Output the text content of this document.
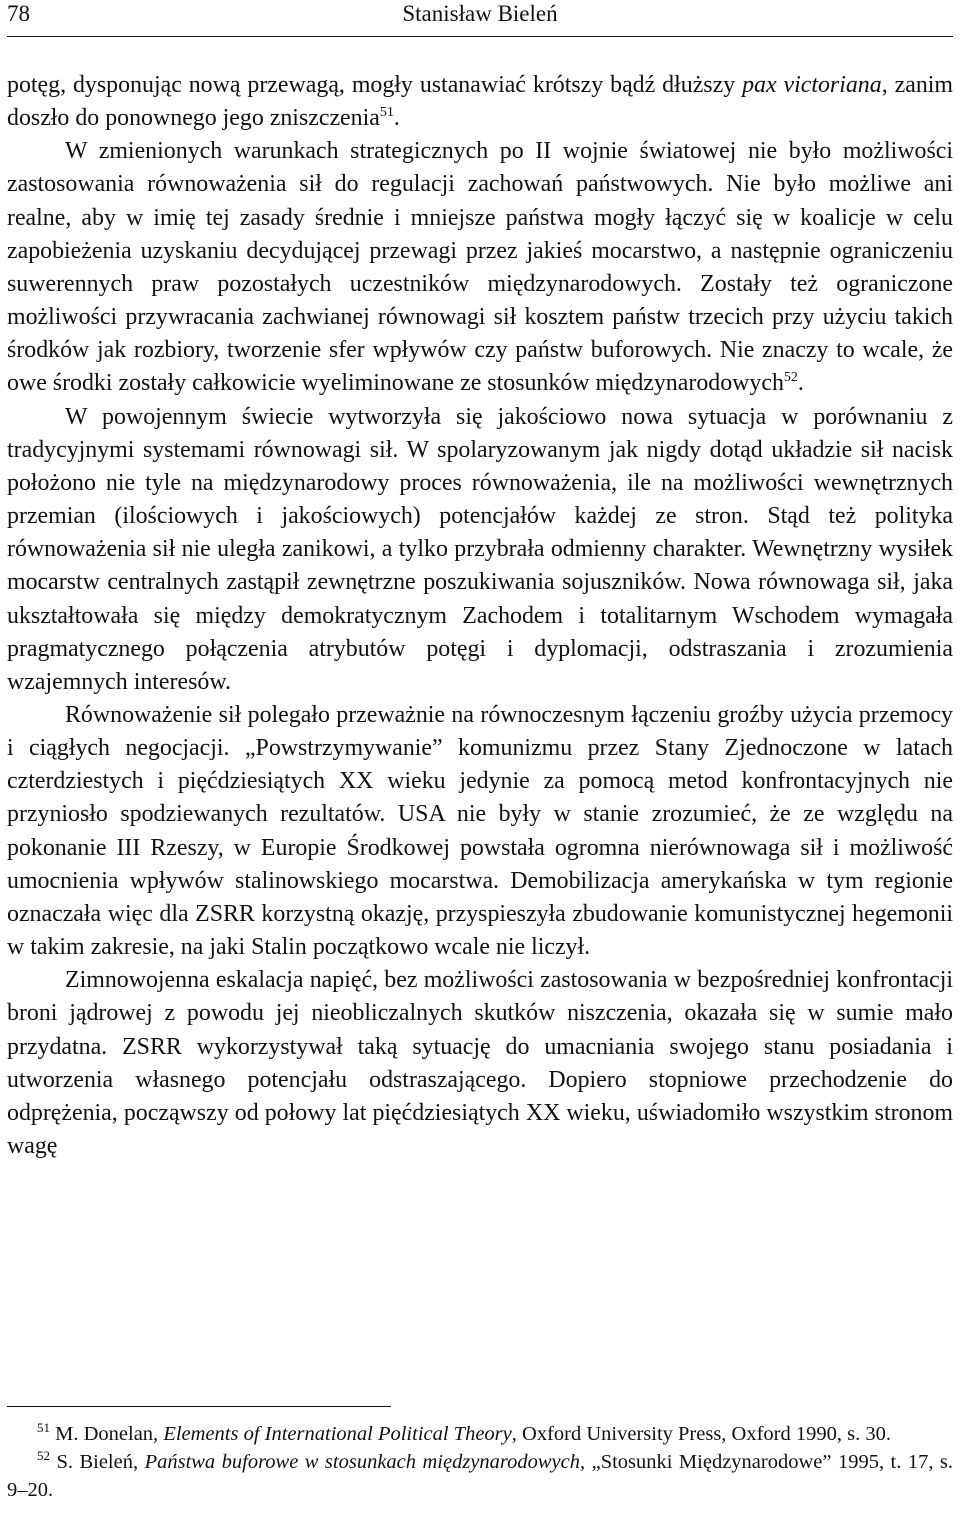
78	Stanisław Bieleń

potęg, dysponując nową przewagą, mogły ustanawiać krótszy bądź dłuższy pax victoriana, zanim doszło do ponownego jego zniszczenia$^{51}$.

W zmienionych warunkach strategicznych po II wojnie światowej nie było możliwości zastosowania równoważenia sił do regulacji zachowań państwowych. Nie było możliwe ani realne, aby w imię tej zasady średnie i mniejsze państwa mogły łączyć się w koalicje w celu zapobieżenia uzyskaniu decydującej przewagi przez jakieś mocarstwo, a następnie ograniczeniu suwerennych praw pozostałych uczestników międzynarodowych. Zostały też ograniczone możliwości przywracania zachwianej równowagi sił kosztem państw trzecich przy użyciu takich środków jak rozbiory, tworzenie sfer wpływów czy państw buforowych. Nie znaczy to wcale, że owe środki zostały całkowicie wyeliminowane ze stosunków międzynarodowych$^{52}$.

W powojennym świecie wytworzyła się jakościowo nowa sytuacja w porównaniu z tradycyjnymi systemami równowagi sił. W spolaryzowanym jak nigdy dotąd układzie sił nacisk położono nie tyle na międzynarodowy proces równoważenia, ile na możliwości wewnętrznych przemian (ilościowych i jakościowych) potencjałów każdej ze stron. Stąd też polityka równoważenia sił nie uległa zanikowi, a tylko przybrała odmienny charakter. Wewnętrzny wysiłek mocarstw centralnych zastąpił zewnętrzne poszukiwania sojuszników. Nowa równowaga sił, jaka ukształtowała się między demokratycznym Zachodem i totalitarnym Wschodem wymagała pragmatycznego połączenia atrybutów potęgi i dyplomacji, odstraszania i zrozumienia wzajemnych interesów.

Równoważenie sił polegało przeważnie na równoczesnym łączeniu groźby użycia przemocy i ciągłych negocjacji. „Powstrzymywanie” komunizmu przez Stany Zjednoczone w latach czterdziestych i pięćdziesiątych XX wieku jedynie za pomocą metod konfrontacyjnych nie przyniosło spodziewanych rezultatów. USA nie były w stanie zrozumieć, że ze względu na pokonanie III Rzeszy, w Europie Środkowej powstała ogromna nierównowaga sił i możliwość umocnienia wpływów stalinowskiego mocarstwa. Demobilizacja amerykańska w tym regionie oznaczała więc dla ZSRR korzystną okazję, przyspieszyła zbudowanie komunistycznej hegemonii w takim zakresie, na jaki Stalin początkowo wcale nie liczył.

Zimnowojenna eskalacja napięć, bez możliwości zastosowania w bezpośredniej konfrontacji broni jądrowej z powodu jej nieobliczalnych skutków niszczenia, okazała się w sumie mało przydatna. ZSRR wykorzystywał taką sytuację do umacniania swojego stanu posiadania i utworzenia własnego potencjału odstraszającego. Dopiero stopniowe przechodzenie do odprężenia, począwszy od połowy lat pięćdziesiątych XX wieku, uświadomiło wszystkim stronom wagę

$^{51}$ M. Donelan, Elements of International Political Theory, Oxford University Press, Oxford 1990, s. 30.

$^{52}$ S. Bieleń, Państwa buforowe w stosunkach międzynarodowych, „Stosunki Międzynarodowe” 1995, t. 17, s. 9–20.
